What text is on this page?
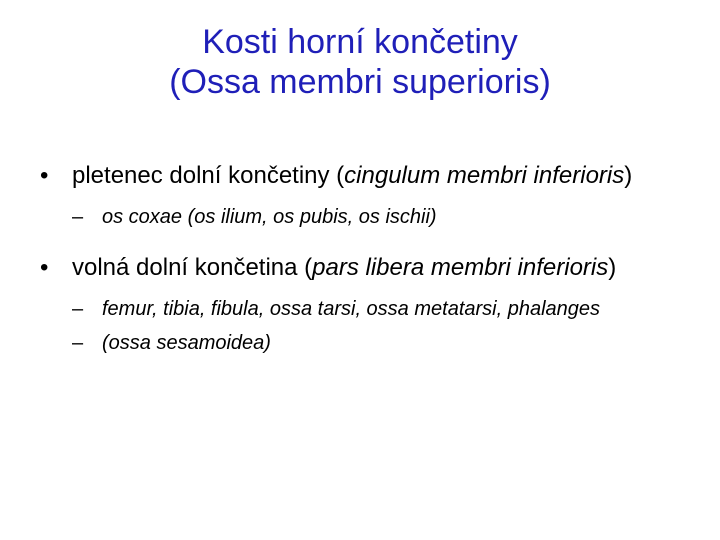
Kosti horní končetiny
(Ossa membri superioris)
• pletenec dolní končetiny (cingulum membri inferioris)
– os coxae (os ilium, os pubis, os ischii)
• volná dolní končetina (pars libera membri inferioris)
– femur, tibia, fibula, ossa tarsi, ossa metatarsi, phalanges
– (ossa sesamoidea)
